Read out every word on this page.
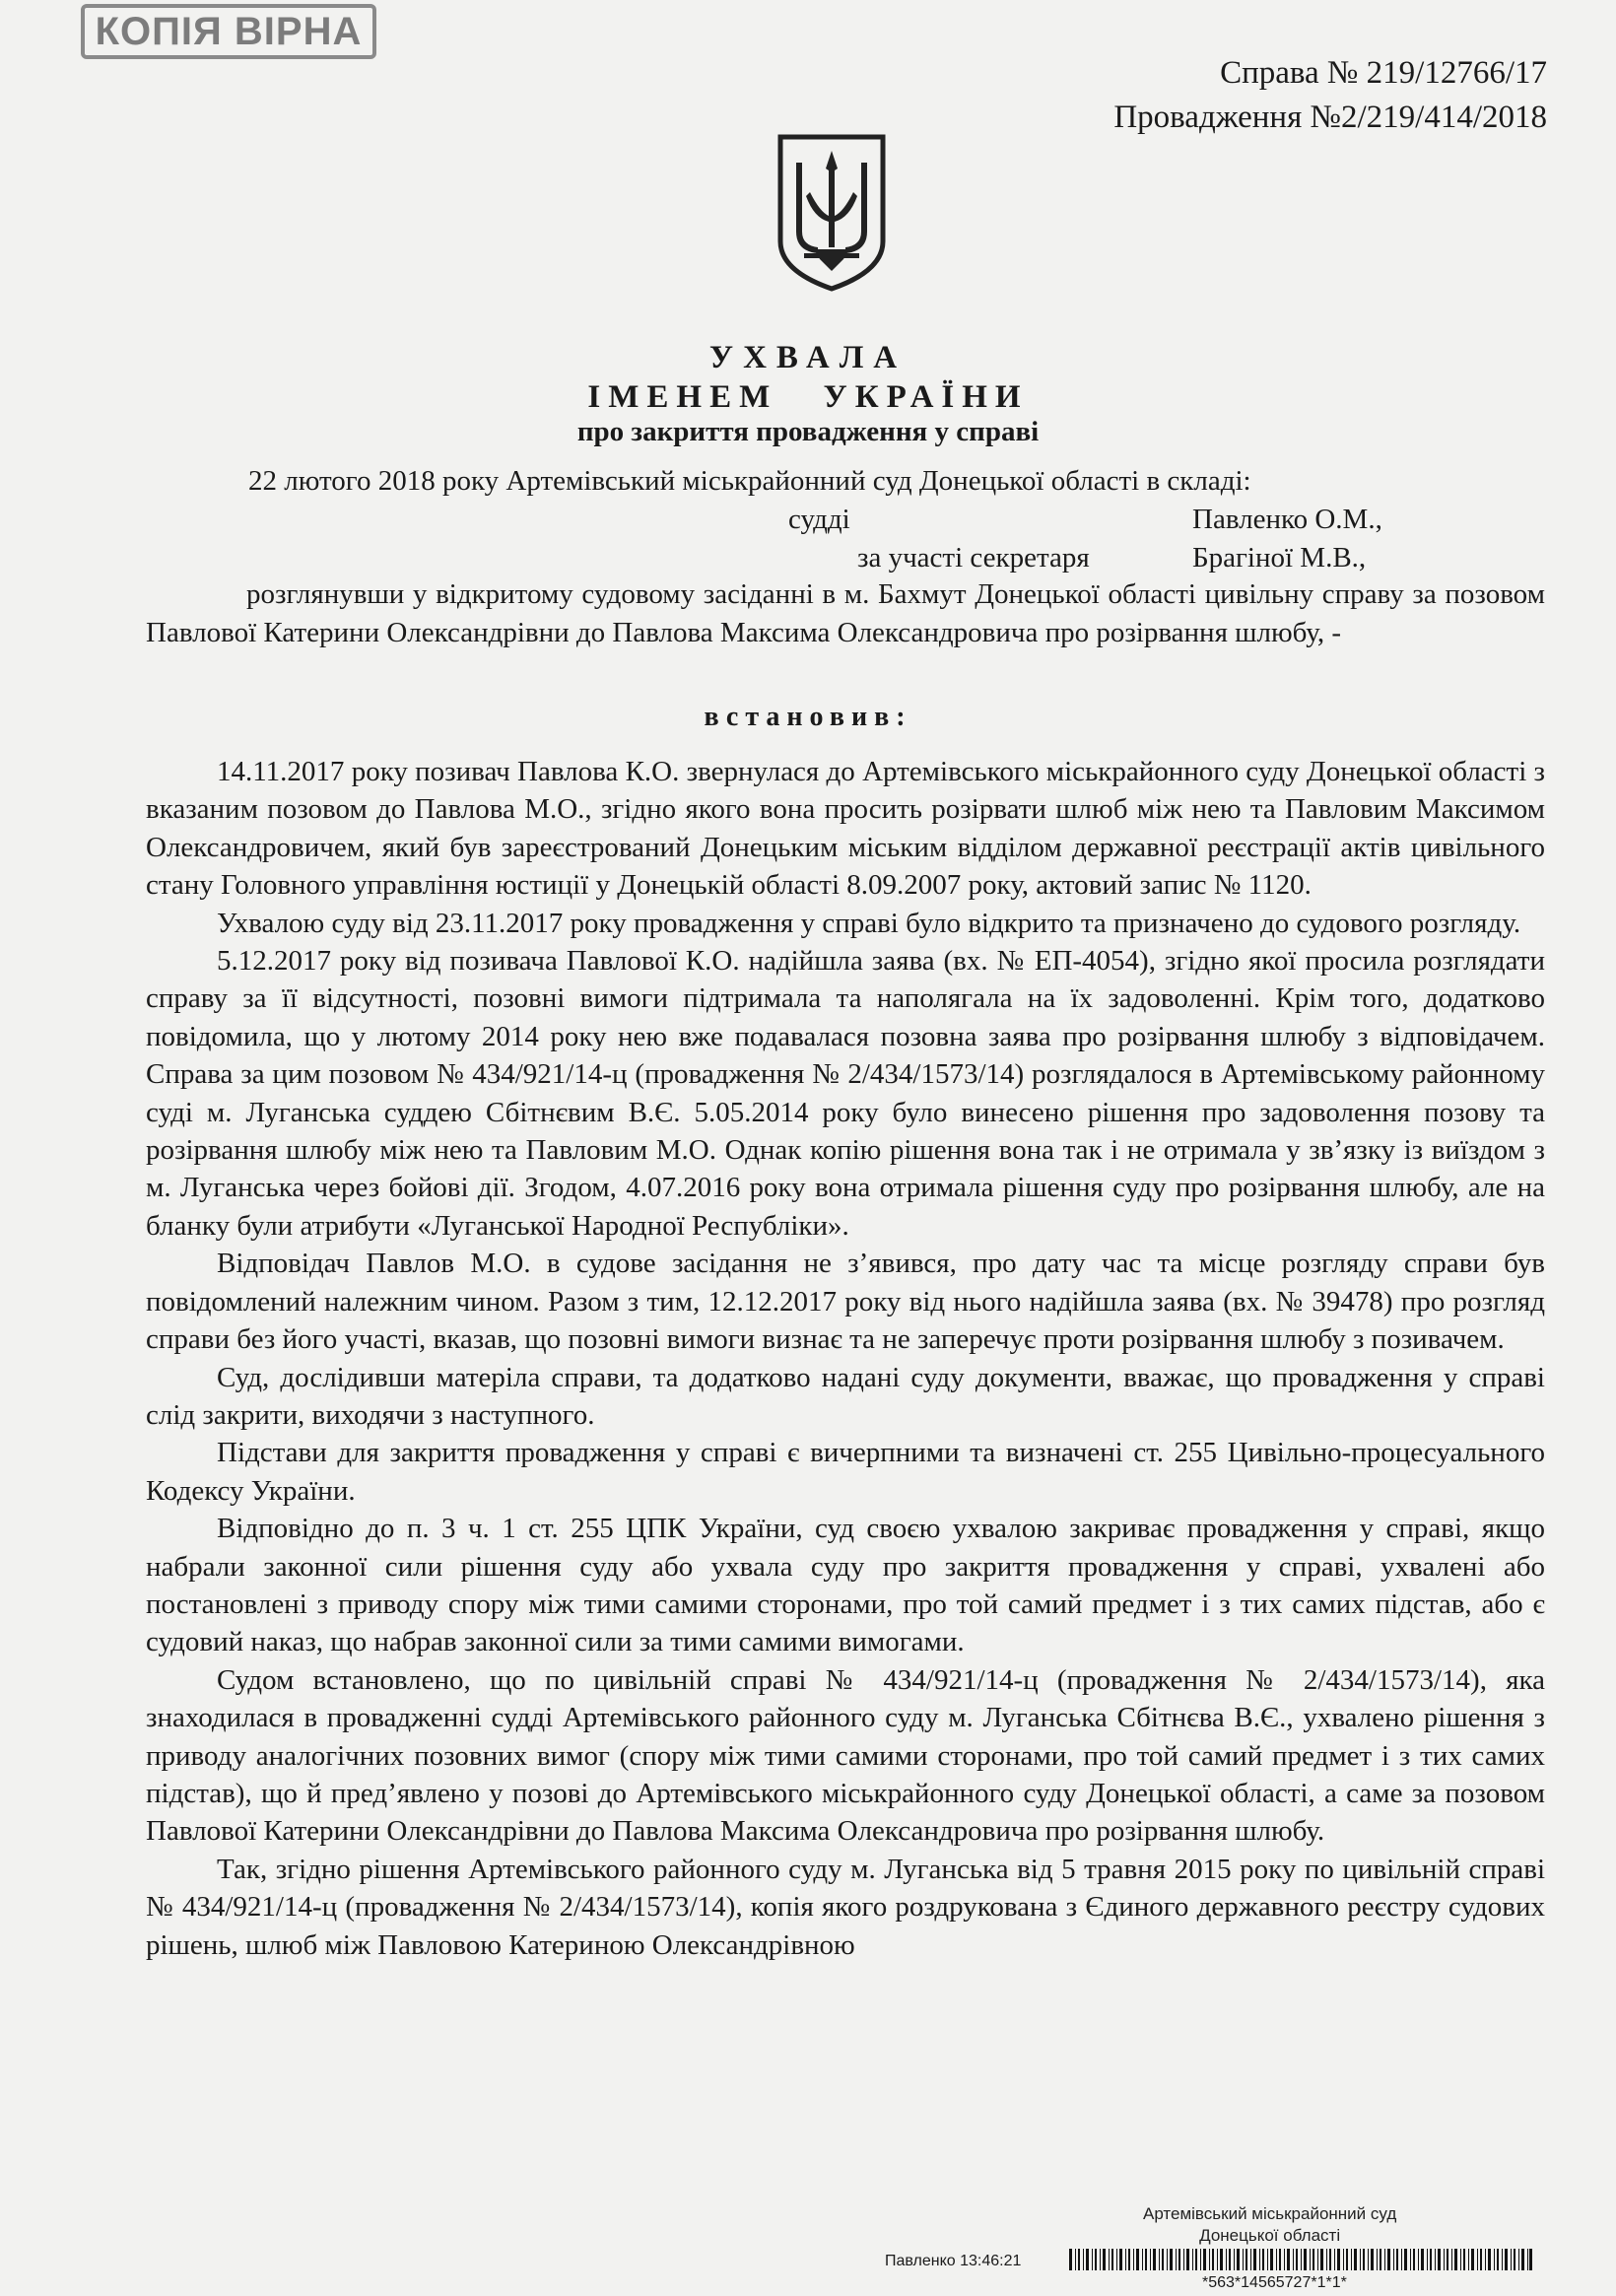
КОПІЯ ВІРНА
Справа № 219/12766/17
Провадження №2/219/414/2018
УХВАЛА
ІМЕНЕМ УКРАЇНИ
про закриття провадження у справі
22 лютого 2018 року Артемівський міськрайонний суд Донецької області в складі:
судді	Павленко О.М.,
за участі секретаря	Брагіної М.В.,
розглянувши у відкритому судовому засіданні в м. Бахмут Донецької області цивільну справу за позовом Павлової Катерини Олександрівни до Павлова Максима Олександровича про розірвання шлюбу, -
встановив:

14.11.2017 року позивач Павлова К.О. звернулася до Артемівського міськрайонного суду Донецької області з вказаним позовом до Павлова М.О., згідно якого вона просить розірвати шлюб між нею та Павловим Максимом Олександровичем, який був зареєстрований Донецьким міським відділом державної реєстрації актів цивільного стану Головного управління юстиції у Донецькій області 8.09.2007 року, актовий запис № 1120.

Ухвалою суду від 23.11.2017 року провадження у справі було відкрито та призначено до судового розгляду.

5.12.2017 року від позивача Павлової К.О. надійшла заява (вх. № ЕП-4054), згідно якої просила розглядати справу за її відсутності, позовні вимоги підтримала та наполягала на їх задоволенні. Крім того, додатково повідомила, що у лютому 2014 року нею вже подавалася позовна заява про розірвання шлюбу з відповідачем. Справа за цим позовом № 434/921/14-ц (провадження № 2/434/1573/14) розглядалося в Артемівському районному суді м. Луганська суддею Сбітнєвим В.Є. 5.05.2014 року було винесено рішення про задоволення позову та розірвання шлюбу між нею та Павловим М.О. Однак копію рішення вона так і не отримала у зв’язку із виїздом з м. Луганська через бойові дії. Згодом, 4.07.2016 року вона отримала рішення суду про розірвання шлюбу, але на бланку були атрибути «Луганської Народної Республіки».

Відповідач Павлов М.О. в судове засідання не з’явився, про дату час та місце розгляду справи був повідомлений належним чином. Разом з тим, 12.12.2017 року від нього надійшла заява (вх. № 39478) про розгляд справи без його участі, вказав, що позовні вимоги визнає та не заперечує проти розірвання шлюбу з позивачем.

Суд, дослідивши матеріла справи, та додатково надані суду документи, вважає, що провадження у справі слід закрити, виходячи з наступного.

Підстави для закриття провадження у справі є вичерпними та визначені ст. 255 Цивільно-процесуального Кодексу України.

Відповідно до п. 3 ч. 1 ст. 255 ЦПК України, суд своєю ухвалою закриває провадження у справі, якщо набрали законної сили рішення суду або ухвала суду про закриття провадження у справі, ухвалені або постановлені з приводу спору між тими самими сторонами, про той самий предмет і з тих самих підстав, або є судовий наказ, що набрав законної сили за тими самими вимогами.

Судом встановлено, що по цивільній справі № 434/921/14-ц (провадження № 2/434/1573/14), яка знаходилася в провадженні судді Артемівського районного суду м. Луганська Сбітнєва В.Є., ухвалено рішення з приводу аналогічних позовних вимог (спору між тими самими сторонами, про той самий предмет і з тих самих підстав), що й пред’явлено у позові до Артемівського міськрайонного суду Донецької області, а саме за позовом Павлової Катерини Олександрівни до Павлова Максима Олександровича про розірвання шлюбу.

Так, згідно рішення Артемівського районного суду м. Луганська від 5 травня 2015 року по цивільній справі № 434/921/14-ц (провадження № 2/434/1573/14), копія якого роздрукована з Єдиного державного реєстру судових рішень, шлюб між Павловою Катериною Олександрівною

Артемівський міськрайонний суд
Донецької області
Павленко 13:46:21
*563*14565727*1*1*
